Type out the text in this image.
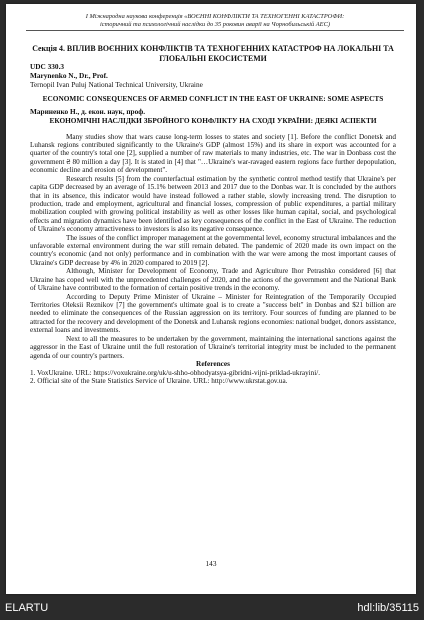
І Міжнародна наукова конференція «ВОЄННІ КОНФЛІКТИ ТА ТЕХНОГЕННІ КАТАСТРОФИ:
історичний та психологічний наслідки до 35 роковин аварії на Чорнобильській АЕС)
Секція 4. ВПЛИВ ВОЄННИХ КОНФЛІКТІВ ТА ТЕХНОГЕННИХ КАТАСТРОФ НА ЛОКАЛЬНІ ТА ГЛОБАЛЬНІ ЕКОСИСТЕМИ
UDC 330.3
Marynenko N., Dr., Prof.
Ternopil Ivan Puluj National Technical University, Ukraine
ECONOMIC CONSEQUENCES OF ARMED CONFLICT IN THE EAST OF UKRAINE: SOME ASPECTS
Мариненко Н., д. екон. наук, проф.
ЕКОНОМІЧНІ НАСЛІДКИ ЗБРОЙНОГО КОНФЛІКТУ НА СХОДІ УКРАЇНИ: ДЕЯКІ АСПЕКТИ

Many studies show that wars cause long-term losses to states and society [1]. Before the conflict Donetsk and Luhansk regions contributed significantly to the Ukraine's GDP (almost 15%) and its share in export was accounted for a quarter of the country's total one [2], supplied a number of raw materials to many industries, etc. The war in Donbass cost the government ₴ 80 million a day [3]. It is stated in [4] that "…Ukraine's war-ravaged eastern regions face further depopulation, economic decline and erosion of development".

Research results [5] from the counterfactual estimation by the synthetic control method testify that Ukraine's per capita GDP decreased by an average of 15.1% between 2013 and 2017 due to the Donbas war. It is concluded by the authors that in its absence, this indicator would have instead followed a rather stable, slowly increasing trend. The disruption to production, trade and employment, agricultural and financial losses, compression of public expenditures, a partial military mobilization coupled with growing political instability as well as other losses like human capital, social, and psychological effects and migration dynamics have been identified as key consequences of the conflict in the East of Ukraine. The reduction of Ukraine's economy attractiveness to investors is also its negative consequence.

The issues of the conflict improper management at the governmental level, economy structural imbalances and the unfavorable external environment during the war still remain debated. The pandemic of 2020 made its own impact on the country's economic (and not only) performance and in combination with the war were among the most important causes of Ukraine's GDP decrease by 4% in 2020 compared to 2019 [2].

Although, Minister for Development of Economy, Trade and Agriculture Ihor Petrashko considered [6] that Ukraine has coped well with the unprecedented challenges of 2020, and the actions of the government and the National Bank of Ukraine have contributed to the formation of certain positive trends in the economy.

According to Deputy Prime Minister of Ukraine – Minister for Reintegration of the Temporarily Occupied Territories Oleksii Reznikov [7] the government's ultimate goal is to create a "success belt" in Donbas and $21 billion are needed to eliminate the consequences of the Russian aggression on its territory. Four sources of funding are planned to be attracted for the recovery and development of the Donetsk and Luhansk regions economies: national budget, donors assistance, external loans and investments.

Next to all the measures to be undertaken by the government, maintaining the international sanctions against the aggressor in the East of Ukraine until the full restoration of Ukraine's territorial integrity must be included to the permanent agenda of our country's partners.

References
1. VoxUkraine. URL: https://voxukraine.org/uk/u-shho-obhodyatsya-gibridni-vijni-priklad-ukrayini/.
2. Official site of the State Statistics Service of Ukraine. URL: http://www.ukrstat.gov.ua.
143
ELARTU	hdl:lib/35115
